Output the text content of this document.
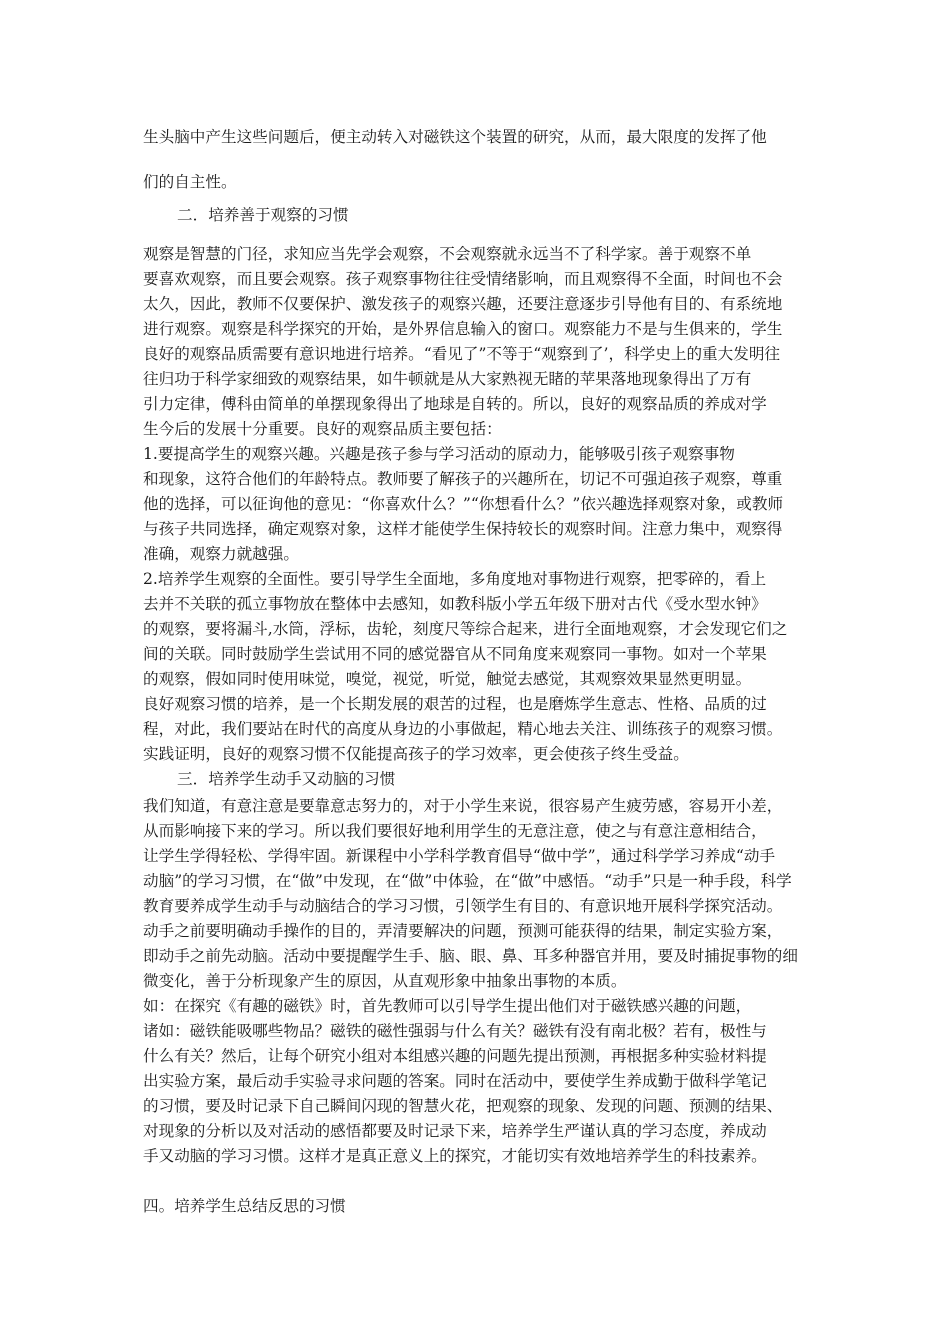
生头脑中产生这些问题后，便主动转入对磁铁这个装置的研究，从而，最大限度的发挥了他
们的自主性。
二．培养善于观察的习惯
观察是智慧的门径，求知应当先学会观察，不会观察就永远当不了科学家。善于观察不单
要喜欢观察，而且要会观察。孩子观察事物往往受情绪影响，而且观察得不全面，时间也不会
太久，因此，教师不仅要保护、激发孩子的观察兴趣，还要注意逐步引导他有目的、有系统地
进行观察。观察是科学探究的开始，是外界信息输入的窗口。观察能力不是与生俱来的，学生
良好的观察品质需要有意识地进行培养。“看见了”不等于“观察到了’，科学史上的重大发明往
往归功于科学家细致的观察结果，如牛顿就是从大家熟视无睹的苹果落地现象得出了万有
引力定律，傅科由简单的单摆现象得出了地球是自转的。所以，良好的观察品质的养成对学
生今后的发展十分重要。良好的观察品质主要包括：
1.要提高学生的观察兴趣。兴趣是孩子参与学习活动的原动力，能够吸引孩子观察事物
和现象，这符合他们的年龄特点。教师要了解孩子的兴趣所在，切记不可强迫孩子观察，尊重
他的选择，可以征询他的意见：“你喜欢什么？”“你想看什么？”依兴趣选择观察对象，或教师
与孩子共同选择，确定观察对象，这样才能使学生保持较长的观察时间。注意力集中，观察得
准确，观察力就越强。
2.培养学生观察的全面性。要引导学生全面地，多角度地对事物进行观察，把零碎的，看上
去并不关联的孤立事物放在整体中去感知，如教科版小学五年级下册对古代《受水型水钟》
的观察，要将漏斗,水筒，浮标，齿轮，刻度尺等综合起来，进行全面地观察，才会发现它们之
间的关联。同时鼓励学生尝试用不同的感觉器官从不同角度来观察同一事物。如对一个苹果
的观察，假如同时使用味觉，嗅觉，视觉，听觉，触觉去感觉，其观察效果显然更明显。
良好观察习惯的培养，是一个长期发展的艰苦的过程，也是磨炼学生意志、性格、品质的过
程，对此，我们要站在时代的高度从身边的小事做起，精心地去关注、训练孩子的观察习惯。
实践证明，良好的观察习惯不仅能提高孩子的学习效率，更会使孩子终生受益。
三．培养学生动手又动脑的习惯
我们知道，有意注意是要靠意志努力的，对于小学生来说，很容易产生疲劳感，容易开小差，
从而影响接下来的学习。所以我们要很好地利用学生的无意注意，使之与有意注意相结合，
让学生学得轻松、学得牢固。新课程中小学科学教育倡导“做中学”，通过科学学习养成“动手
动脑”的学习习惯，在“做”中发现，在“做”中体验，在“做”中感悟。“动手”只是一种手段，科学
教育要养成学生动手与动脑结合的学习习惯，引领学生有目的、有意识地开展科学探究活动。
动手之前要明确动手操作的目的，弄清要解决的问题，预测可能获得的结果，制定实验方案，
即动手之前先动脑。活动中要提醒学生手、脑、眼、鼻、耳多种器官并用，要及时捕捉事物的细
微变化，善于分析现象产生的原因，从直观形象中抽象出事物的本质。
如：在探究《有趣的磁铁》时，首先教师可以引导学生提出他们对于磁铁感兴趣的问题，
诸如：磁铁能吸哪些物品？磁铁的磁性强弱与什么有关？磁铁有没有南北极？若有，极性与
什么有关？然后，让每个研究小组对本组感兴趣的问题先提出预测，再根据多种实验材料提
出实验方案，最后动手实验寻求问题的答案。同时在活动中，要使学生养成勤于做科学笔记
的习惯，要及时记录下自己瞬间闪现的智慧火花，把观察的现象、发现的问题、预测的结果、
对现象的分析以及对活动的感悟都要及时记录下来，培养学生严谨认真的学习态度，养成动
手又动脑的学习习惯。这样才是真正意义上的探究，才能切实有效地培养学生的科技素养。
四。培养学生总结反思的习惯
